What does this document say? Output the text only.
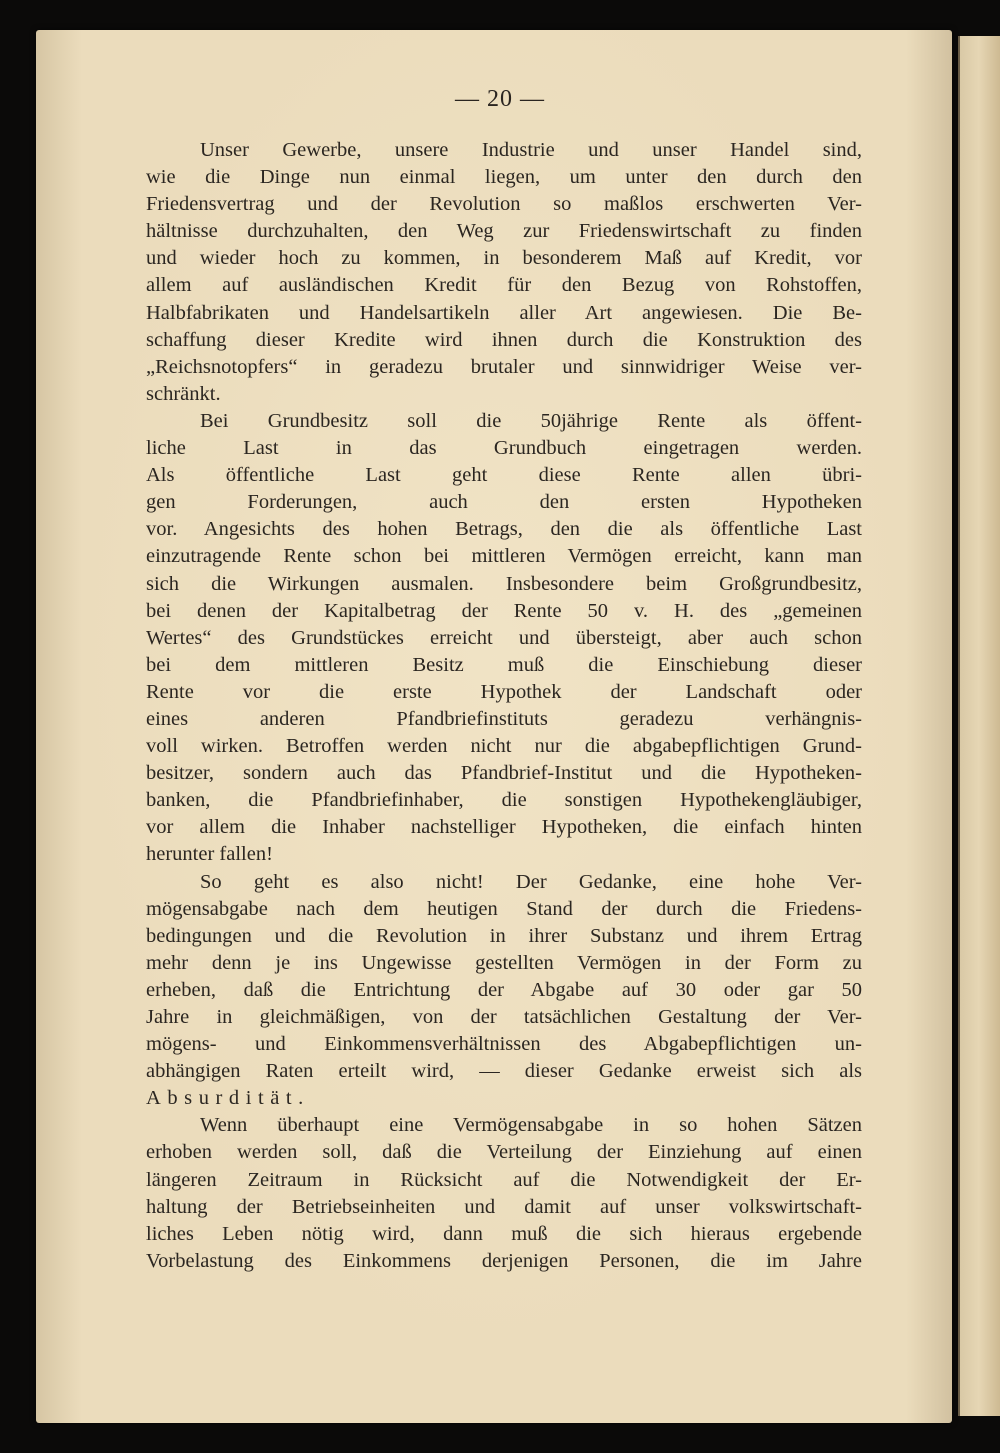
— 20 —

Unser Gewerbe, unsere Industrie und unser Handel sind,
wie die Dinge nun einmal liegen, um unter den durch den
Friedensvertrag und der Revolution so maßlos erschwerten Ver-
hältnisse durchzuhalten, den Weg zur Friedenswirtschaft zu finden
und wieder hoch zu kommen, in besonderem Maß auf Kredit, vor
allem auf ausländischen Kredit für den Bezug von Rohstoffen,
Halbfabrikaten und Handelsartikeln aller Art angewiesen. Die Be-
schaffung dieser Kredite wird ihnen durch die Konstruktion des
„Reichsnotopfers“ in geradezu brutaler und sinnwidriger Weise ver-
schränkt.
Bei Grundbesitz soll die 50jährige Rente als öffent-
liche Last in das Grundbuch eingetragen werden.
Als öffentliche Last geht diese Rente allen übri-
gen Forderungen, auch den ersten Hypotheken
vor. Angesichts des hohen Betrags, den die als öffentliche Last
einzutragende Rente schon bei mittleren Vermögen erreicht, kann man
sich die Wirkungen ausmalen. Insbesondere beim Großgrundbesitz,
bei denen der Kapitalbetrag der Rente 50 v. H. des „gemeinen
Wertes“ des Grundstückes erreicht und übersteigt, aber auch schon
bei dem mittleren Besitz muß die Einschiebung dieser
Rente vor die erste Hypothek der Landschaft oder
eines anderen Pfandbriefinstituts geradezu verhängnis-
voll wirken. Betroffen werden nicht nur die abgabepflichtigen Grund-
besitzer, sondern auch das Pfandbrief-Institut und die Hypotheken-
banken, die Pfandbriefinhaber, die sonstigen Hypothekengläubiger,
vor allem die Inhaber nachstelliger Hypotheken, die einfach hinten
herunter fallen!
So geht es also nicht! Der Gedanke, eine hohe Ver-
mögensabgabe nach dem heutigen Stand der durch die Friedens-
bedingungen und die Revolution in ihrer Substanz und ihrem Ertrag
mehr denn je ins Ungewisse gestellten Vermögen in der Form zu
erheben, daß die Entrichtung der Abgabe auf 30 oder gar 50
Jahre in gleichmäßigen, von der tatsächlichen Gestaltung der Ver-
mögens- und Einkommensverhältnissen des Abgabepflichtigen un-
abhängigen Raten erteilt wird, — dieser Gedanke erweist sich als
Absurdität.
Wenn überhaupt eine Vermögensabgabe in so hohen Sätzen
erhoben werden soll, daß die Verteilung der Einziehung auf einen
längeren Zeitraum in Rücksicht auf die Notwendigkeit der Er-
haltung der Betriebseinheiten und damit auf unser volkswirtschaft-
liches Leben nötig wird, dann muß die sich hieraus ergebende
Vorbelastung des Einkommens derjenigen Personen, die im Jahre
